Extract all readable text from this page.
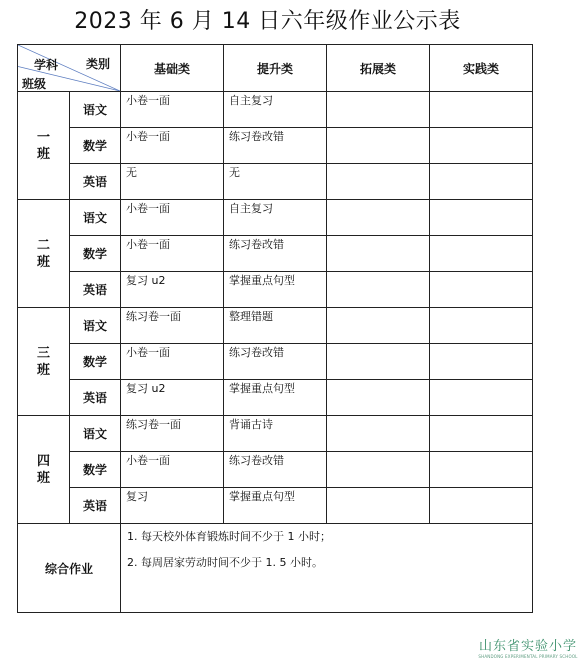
2023 年 6 月 14 日六年级作业公示表
类别
学科
班级		基础类	提升类	拓展类	实践类
一
班	语文	小卷一面	自主复习		
	数学	小卷一面	练习卷改错		
	英语	无	无		
二
班	语文	小卷一面	自主复习		
	数学	小卷一面	练习卷改错		
	英语	复习 u2	掌握重点句型		
三
班	语文	练习卷一面	整理错题		
	数学	小卷一面	练习卷改错		
	英语	复习 u2	掌握重点句型		
四
班	语文	练习卷一面	背诵古诗		
	数学	小卷一面	练习卷改错		
	英语	复习	掌握重点句型		
综合作业		1. 每天校外体育锻炼时间不少于 1 小时；
2. 每周居家劳动时间不少于 1. 5 小时。			
山东省实验小学
SHANDONG EXPERIMENTAL PRIMARY SCHOOL
